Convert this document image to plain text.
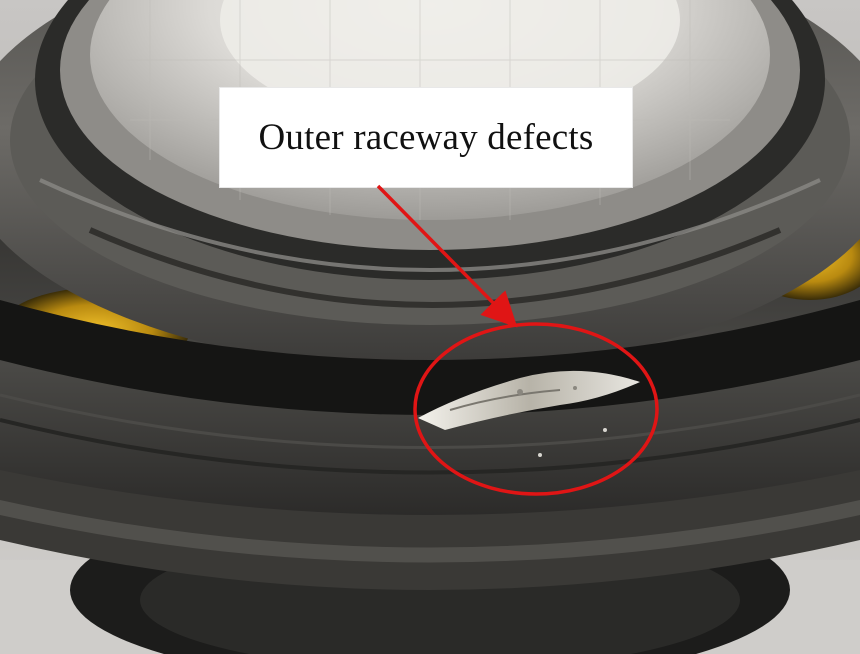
Outer raceway defects
